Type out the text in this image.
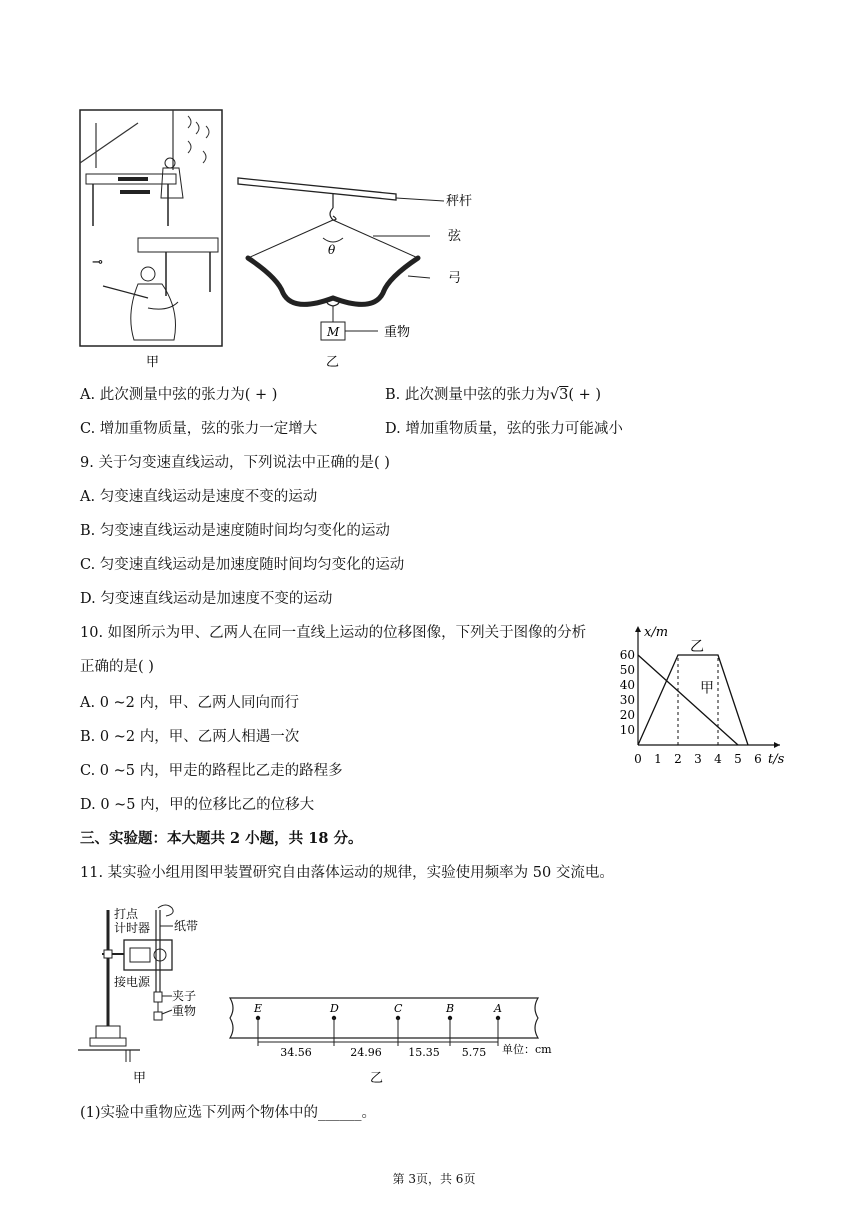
⊸
甲
秤杆
θ
弦
弓
M	重物
乙
A. 此次测量中弦的张力为( + )	B. 此次测量中弦的张力为√3( + )
C. 增加重物质量，弦的张力一定增大	D. 增加重物质量，弦的张力可能减小
9. 关于匀变速直线运动，下列说法中正确的是( )
A. 匀变速直线运动是速度不变的运动
B. 匀变速直线运动是速度随时间均匀变化的运动
C. 匀变速直线运动是加速度随时间均匀变化的运动
D. 匀变速直线运动是加速度不变的运动
10. 如图所示为甲、乙两人在同一直线上运动的位移图像，下列关于图像的分析
正确的是( )
A. 0 ~2 内，甲、乙两人同向而行
B. 0 ~2 内，甲、乙两人相遇一次
C. 0 ~5 内，甲走的路程比乙走的路程多
D. 0 ~5 内，甲的位移比乙的位移大
x/m
t/s
0 1 2 3 4 5 6
10
20
30
40
50
60	乙
甲
三、实验题：本大题共 2 小题，共 18 分。
11. 某实验小组用图甲装置研究自由落体运动的规律，实验使用频率为 50 交流电。
打点
计时器 纸带
夹子
接电源
重物
甲
E	D	C	B	A
34.56	24.96 15.35 5.75 单位：cm
乙
(1)实验中重物应选下列两个物体中的______。
第 3页，共 6页
